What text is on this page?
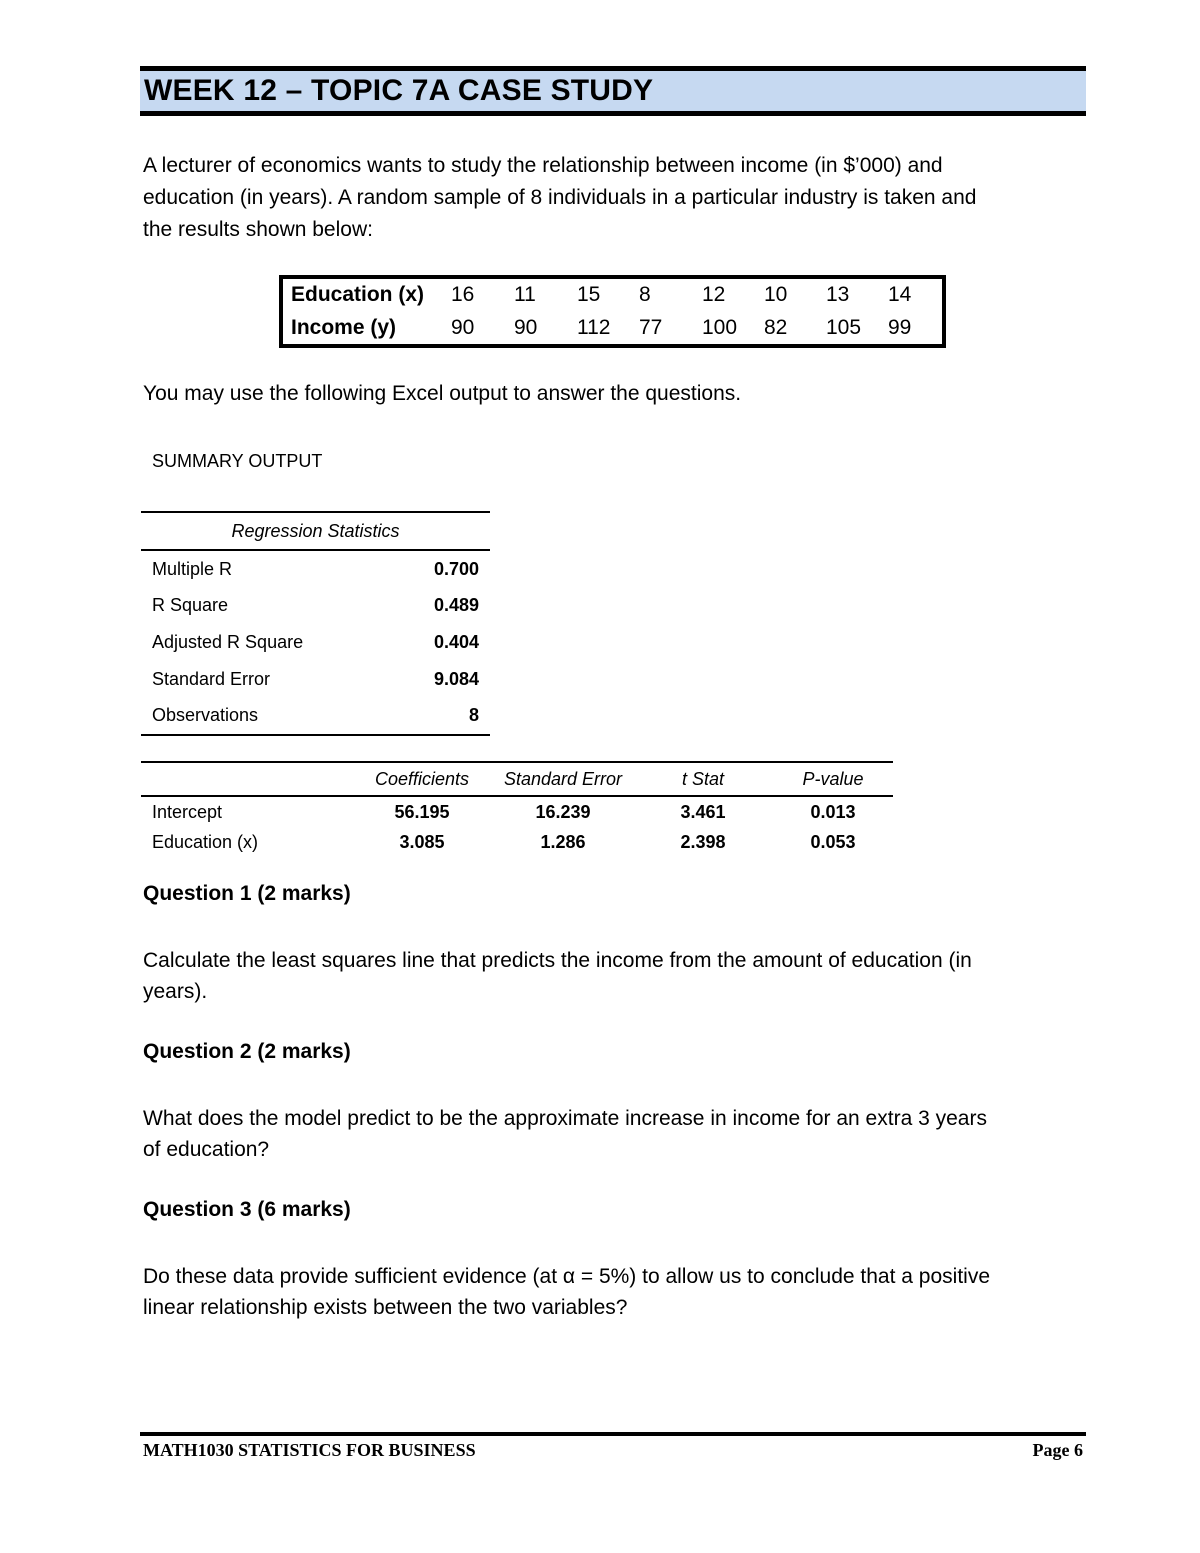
WEEK 12 – TOPIC 7A CASE STUDY
A lecturer of economics wants to study the relationship between income (in $’000) and
education (in years). A random sample of 8 individuals in a particular industry is taken and
the results shown below:
Education (x)	16	11	15	8	12	10	13	14
Income (y)	90	90	112	77	100	82	105	99
You may use the following Excel output to answer the questions.
SUMMARY OUTPUT
Regression Statistics	
Multiple R	0.700
R Square	0.489
Adjusted R Square	0.404
Standard Error	9.084
Observations	8
	Coefficients	Standard Error	t Stat	P-value
Intercept	56.195	16.239	3.461	0.013
Education (x)	3.085	1.286	2.398	0.053
Question 1 (2 marks)
Calculate the least squares line that predicts the income from the amount of education (in
years).
Question 2 (2 marks)
What does the model predict to be the approximate increase in income for an extra 3 years
of education?
Question 3 (6 marks)
Do these data provide sufficient evidence (at α = 5%) to allow us to conclude that a positive
linear relationship exists between the two variables?
MATH1030 STATISTICS FOR BUSINESS	Page 6
